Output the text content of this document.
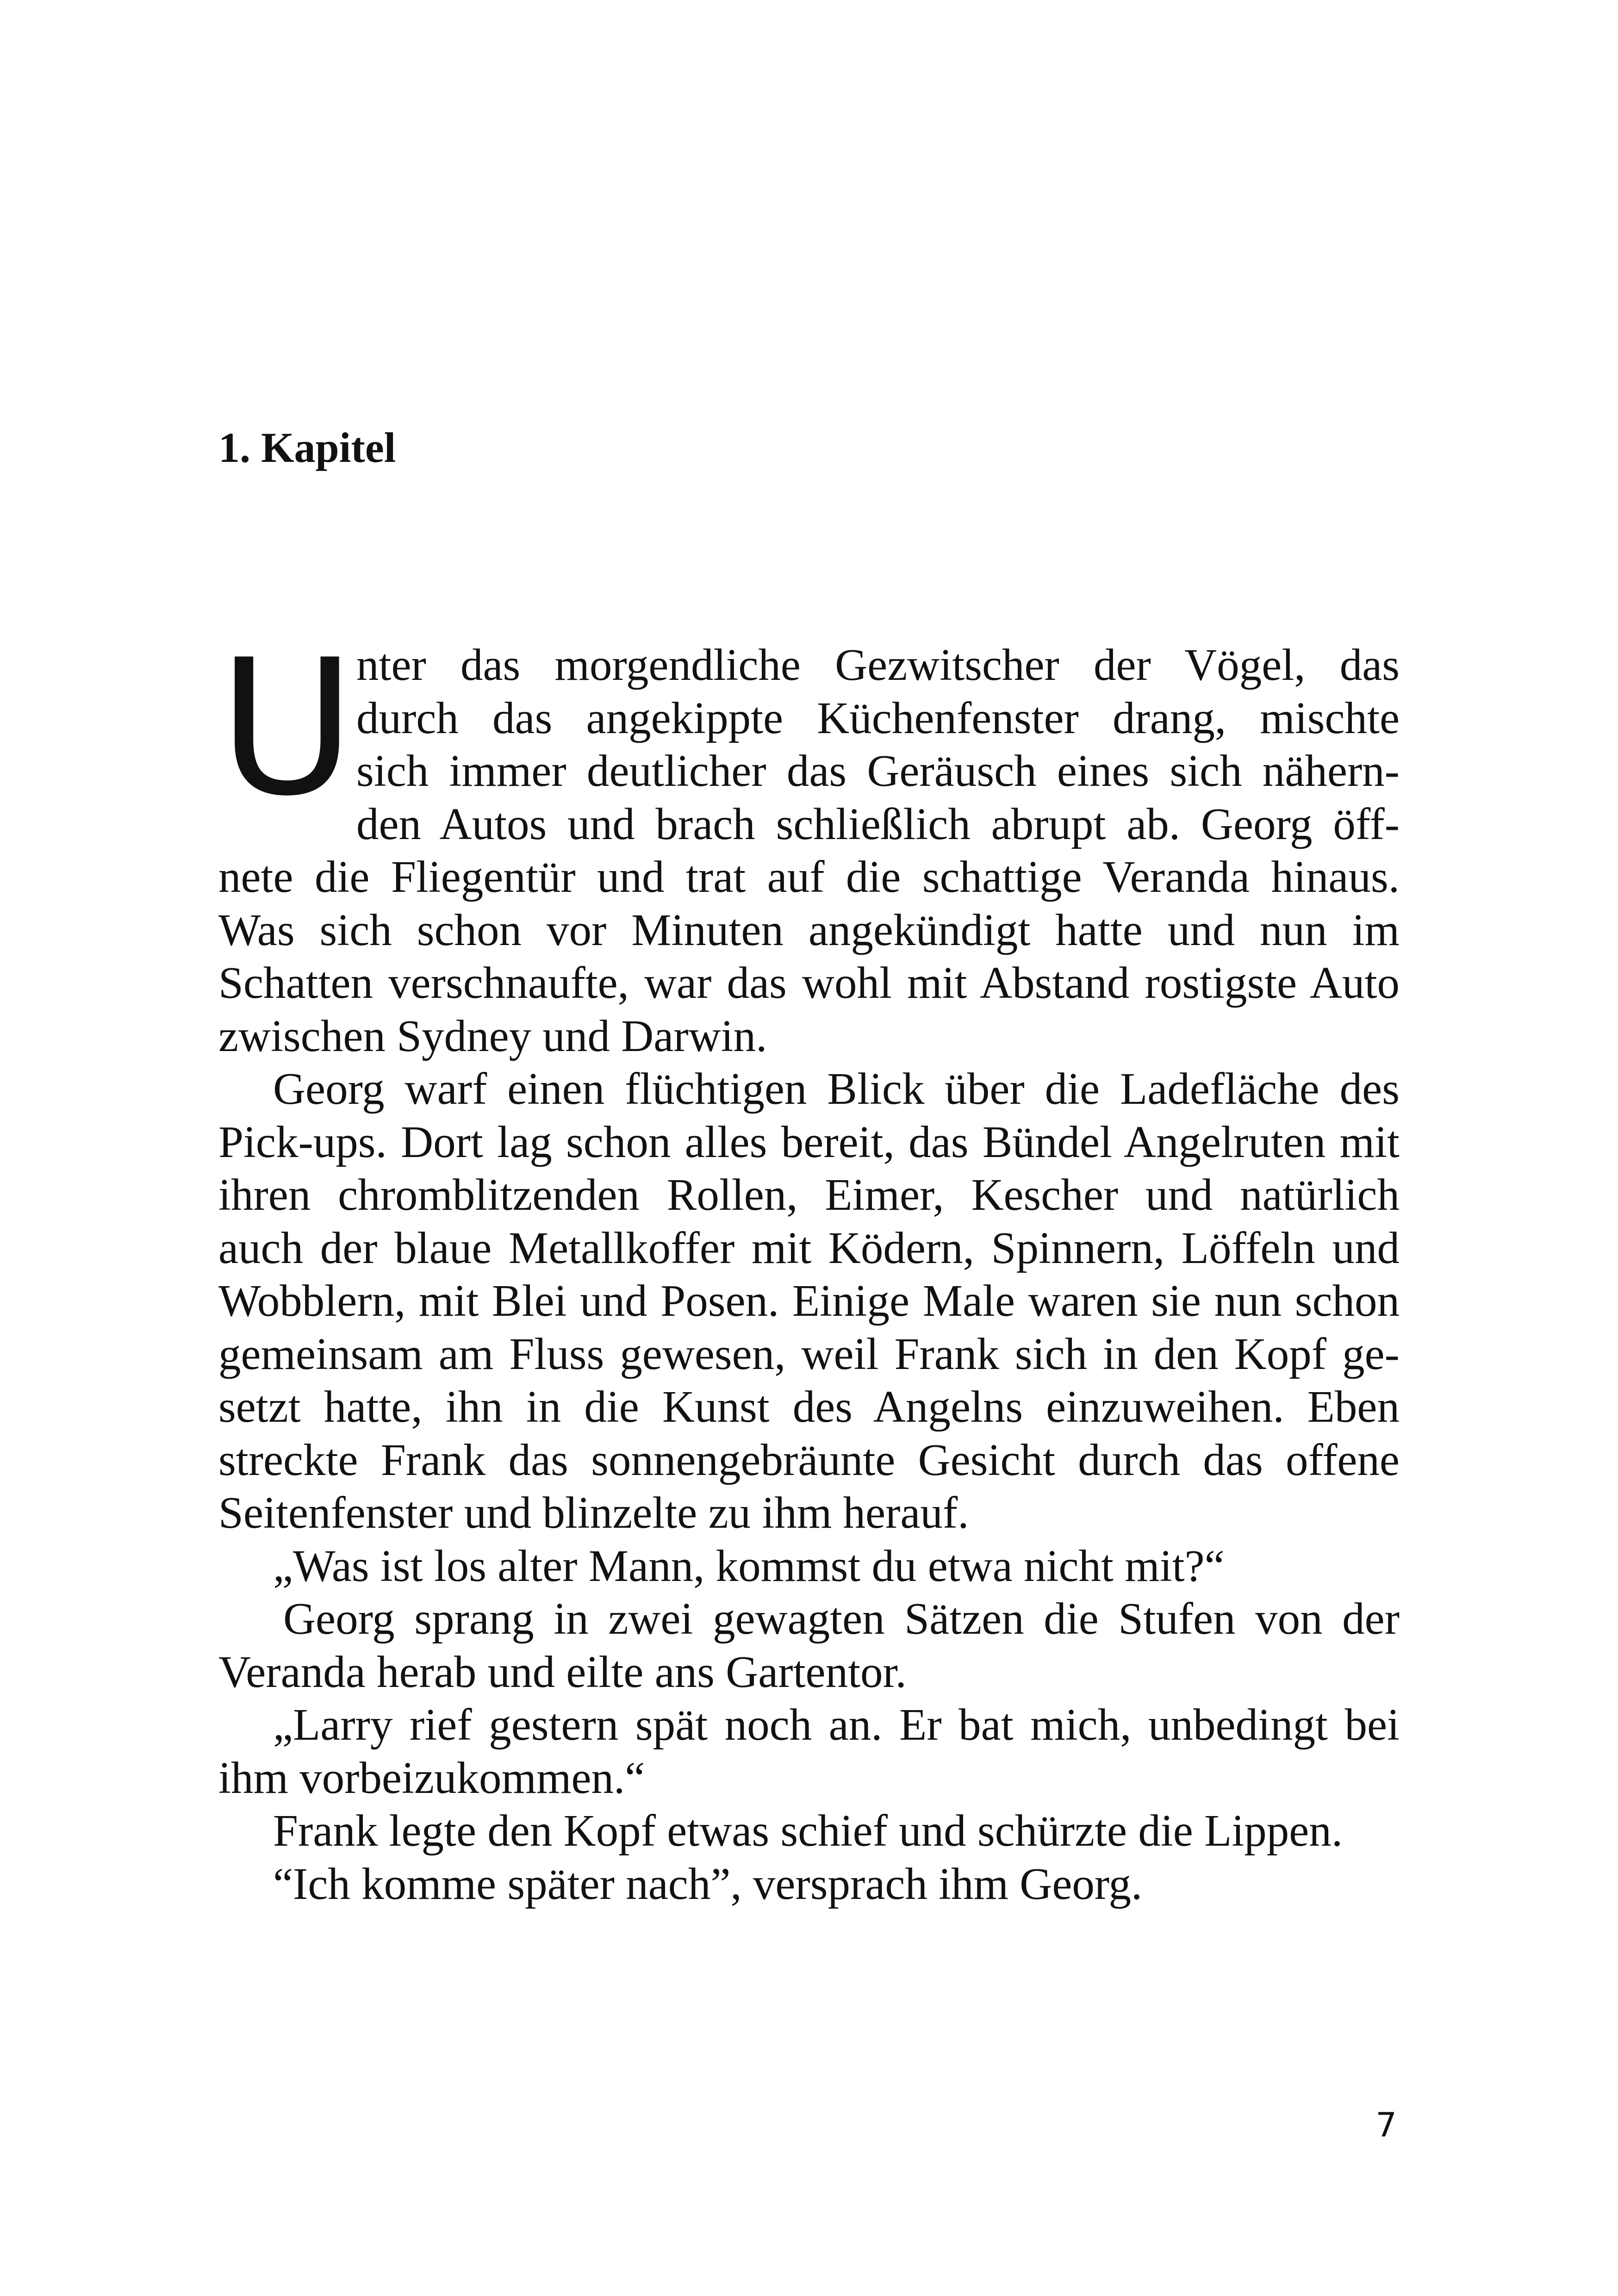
1. Kapitel
U nter das morgendliche Gezwitscher der Vögel, das
durch das angekippte Küchenfenster drang, mischte
sich immer deutlicher das Geräusch eines sich nähern-
den Autos und brach schließlich abrupt ab. Georg öff-
nete die Fliegentür und trat auf die schattige Veranda hinaus.
Was sich schon vor Minuten angekündigt hatte und nun im
Schatten verschnaufte, war das wohl mit Abstand rostigste Auto
zwischen Sydney und Darwin.
Georg warf einen flüchtigen Blick über die Ladefläche des
Pick-ups. Dort lag schon alles bereit, das Bündel Angelruten mit
ihren chromblitzenden Rollen, Eimer, Kescher und natürlich
auch der blaue Metallkoffer mit Ködern, Spinnern, Löffeln und
Wobblern, mit Blei und Posen. Einige Male waren sie nun schon
gemeinsam am Fluss gewesen, weil Frank sich in den Kopf ge-
setzt hatte, ihn in die Kunst des Angelns einzuweihen. Eben
streckte Frank das sonnengebräunte Gesicht durch das offene
Seitenfenster und blinzelte zu ihm herauf.
„Was ist los alter Mann, kommst du etwa nicht mit?“
Georg sprang in zwei gewagten Sätzen die Stufen von der
Veranda herab und eilte ans Gartentor.
„Larry rief gestern spät noch an. Er bat mich, unbedingt bei
ihm vorbeizukommen.“
Frank legte den Kopf etwas schief und schürzte die Lippen.
“Ich komme später nach”, versprach ihm Georg.
7
